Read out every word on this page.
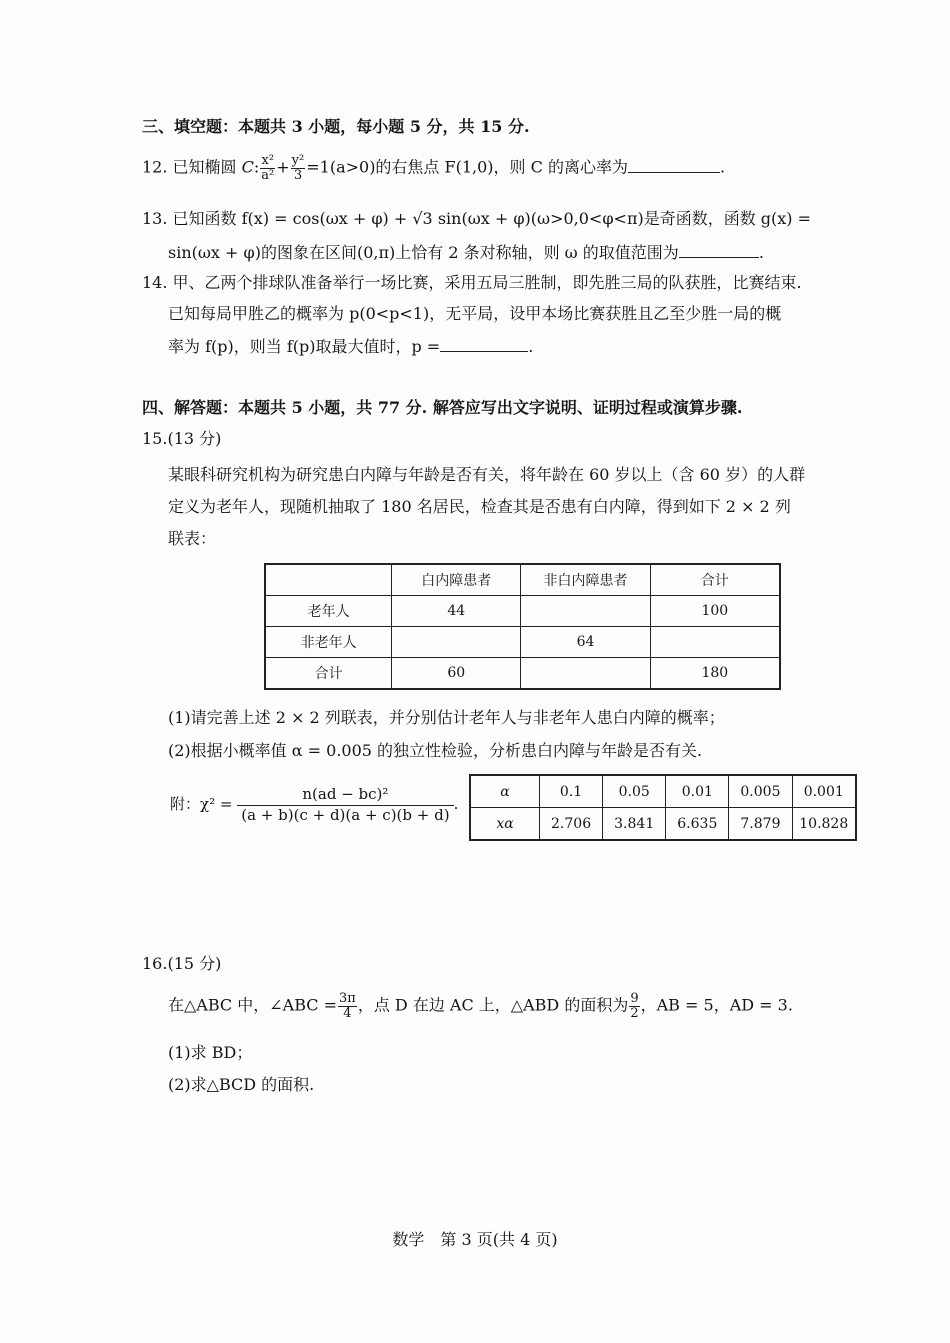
三、填空题：本题共 3 小题，每小题 5 分，共 15 分.
12. 已知椭圆 C: $\frac{\text{x²}}{\text{a²}} + \frac{\text{y²}}{3} =1(a>0)$的右焦点 F(1,0)，则 C 的离心率为	.
13. 已知函数 f(x) = cos(ωx + φ) + √3 sin(ωx + φ)(ω>0,0<φ<π)是奇函数，函数 g(x) =
sin(ωx + φ)的图象在区间(0,π)上恰有 2 条对称轴，则 ω 的取值范围为	.
14. 甲、乙两个排球队准备举行一场比赛，采用五局三胜制，即先胜三局的队获胜，比赛结束.
已知每局甲胜乙的概率为 p(0<p<1)，无平局，设甲本场比赛获胜且乙至少胜一局的概
率为 f(p)，则当 f(p)取最大值时，p =	.
四、解答题：本题共 5 小题，共 77 分. 解答应写出文字说明、证明过程或演算步骤.
15.(13 分)
某眼科研究机构为研究患白内障与年龄是否有关，将年龄在 60 岁以上（含 60 岁）的人群
定义为老年人，现随机抽取了 180 名居民，检查其是否患有白内障，得到如下 2 × 2 列
联表：
	白内障患者	非白内障患者	合计
老年人	44		100
非老年人		64	
合计	60		180
(1)请完善上述 2 × 2 列联表，并分别估计老年人与非老年人患白内障的概率；
(2)根据小概率值 α = 0.005 的独立性检验，分析患白内障与年龄是否有关.
附：$\chi^2 = \frac{\text{n(ad − bc)²}}{(a + b)(c + d)(a + c)(b + d)}$ .
α	0.1	0.05	0.01	0.005	0.001
xα	2.706	3.841	6.635	7.879	10.828
16.(15 分)
在△ABC 中，∠ABC = $\frac{3\pi}{4}$ ，点 D 在边 AC 上，△ABD 的面积为 $\frac{9}{2}$ ，AB = 5，AD = 3.
(1)求 BD；
(2)求△BCD 的面积.
数学　第 3 页(共 4 页)
